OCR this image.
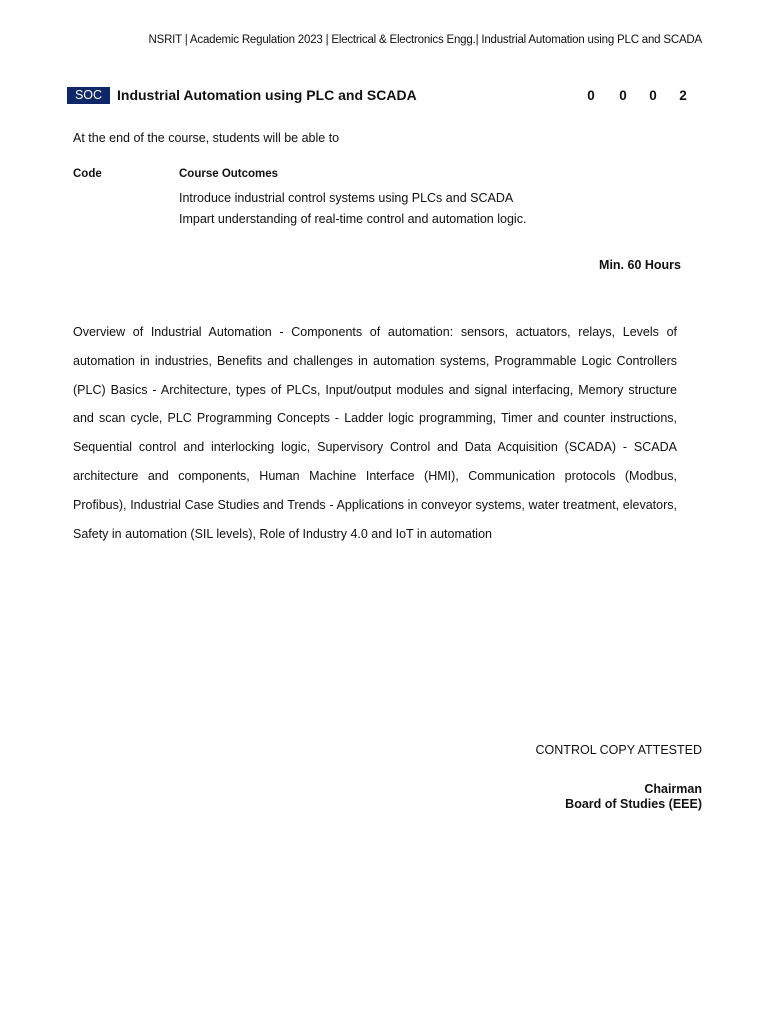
NSRIT | Academic Regulation 2023 | Electrical & Electronics Engg.| Industrial Automation using PLC and SCADA
SOC	Industrial Automation using PLC and SCADA	0 0 0 2
At the end of the course, students will be able to
Code	Course Outcomes
Introduce industrial control systems using PLCs and SCADA
Impart understanding of real-time control and automation logic.
Min. 60 Hours

Overview of Industrial Automation - Components of automation: sensors, actuators, relays, Levels of automation in industries, Benefits and challenges in automation systems, Programmable Logic Controllers (PLC) Basics - Architecture, types of PLCs, Input/output modules and signal interfacing, Memory structure and scan cycle, PLC Programming Concepts - Ladder logic programming, Timer and counter instructions, Sequential control and interlocking logic, Supervisory Control and Data Acquisition (SCADA) - SCADA architecture and components, Human Machine Interface (HMI), Communication protocols (Modbus, Profibus), Industrial Case Studies and Trends - Applications in conveyor systems, water treatment, elevators, Safety in automation (SIL levels), Role of Industry 4.0 and IoT in automation

CONTROL COPY ATTESTED
Chairman
Board of Studies (EEE)
